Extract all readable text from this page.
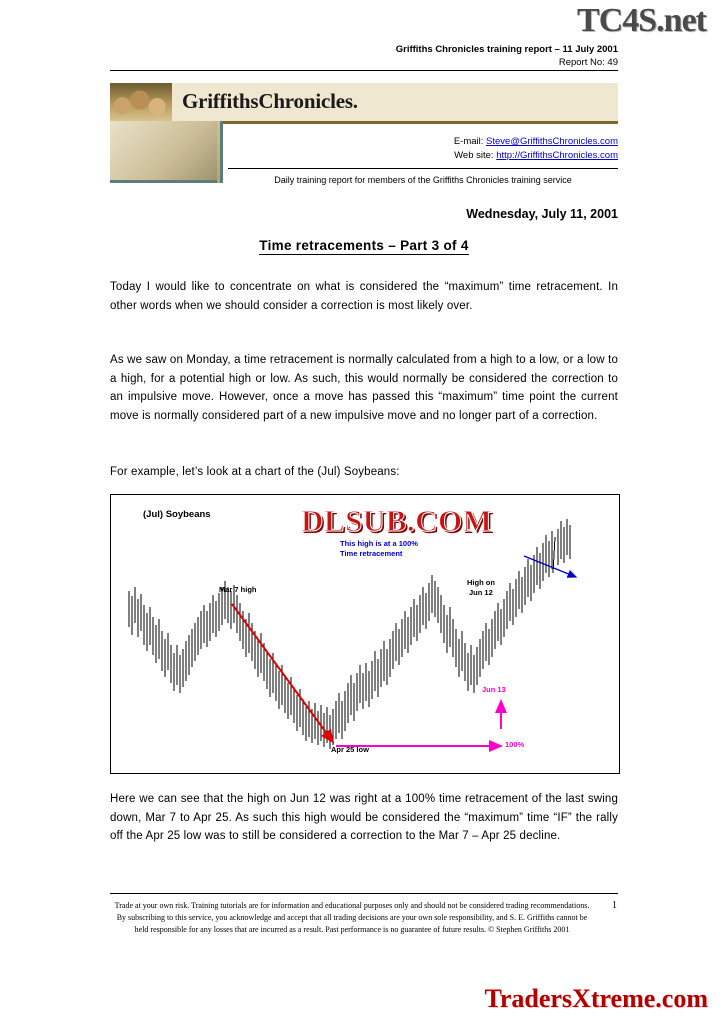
TC4S.net
Griffiths Chronicles training report – 11 July 2001
Report No: 49
GriffithsChronicles.
E-mail: Steve@GriffithsChronicles.com
Web site: http://GriffithsChronicles.com
Daily training report for members of the Griffiths Chronicles training service
Wednesday, July 11, 2001
Time retracements – Part 3 of 4
Today I would like to concentrate on what is considered the “maximum” time retracement. In other words when we should consider a correction is most likely over.
As we saw on Monday, a time retracement is normally calculated from a high to a low, or a low to a high, for a potential high or low. As such, this would normally be considered the correction to an impulsive move. However, once a move has passed this “maximum” time point the current move is normally considered part of a new impulsive move and no longer part of a correction.
For example, let’s look at a chart of the (Jul) Soybeans:
(Jul) Soybeans
Mar 7 high
Apr 25 low
High on
Jun 12
This high is at a 100%
Time retracement
Jun 13
100%
DLSUB.COM
Here we can see that the high on Jun 12 was right at a 100% time retracement of the last swing down, Mar 7 to Apr 25. As such this high would be considered the “maximum” time “IF” the rally off the Apr 25 low was to still be considered a correction to the Mar 7 – Apr 25 decline.
Trade at your own risk. Training tutorials are for information and educational purposes only and should not be considered trading recommendations. By subscribing to this service, you acknowledge and accept that all trading decisions are your own sole responsibility, and S. E. Griffiths cannot be held responsible for any losses that are incurred as a result. Past performance is no guarantee of future results. © Stephen Griffiths 2001
1
TradersXtreme.com
